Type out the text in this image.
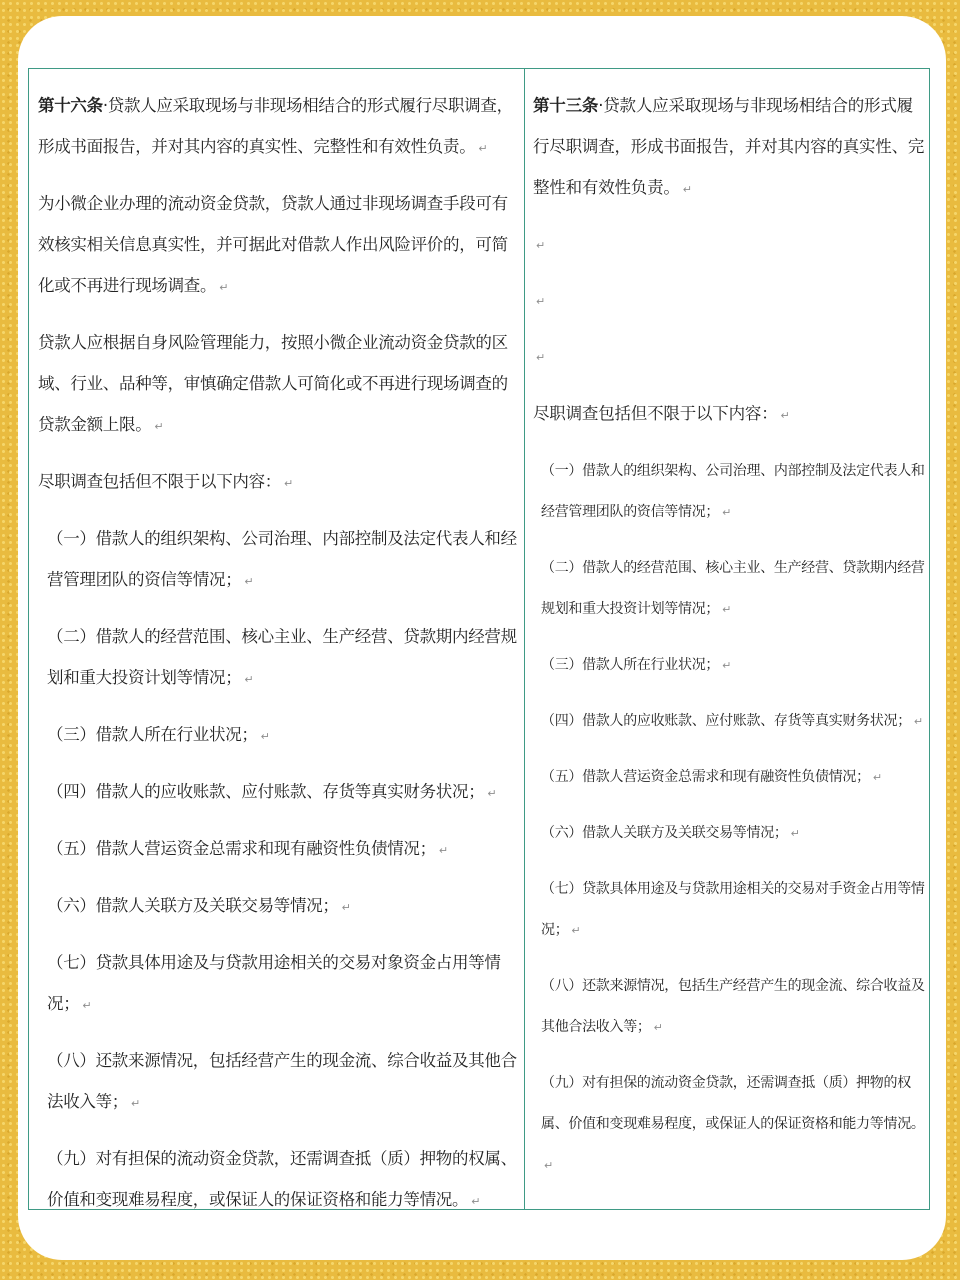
第十六条·贷款人应采取现场与非现场相结合的形式履行尽职调查，形成书面报告，并对其内容的真实性、完整性和有效性负责。 ↵

为小微企业办理的流动资金贷款，贷款人通过非现场调查手段可有效核实相关信息真实性，并可据此对借款人作出风险评价的，可简化或不再进行现场调查。 ↵

贷款人应根据自身风险管理能力，按照小微企业流动资金贷款的区域、行业、品种等，审慎确定借款人可简化或不再进行现场调查的贷款金额上限。 ↵

尽职调查包括但不限于以下内容： ↵

（一）借款人的组织架构、公司治理、内部控制及法定代表人和经营管理团队的资信等情况； ↵

（二）借款人的经营范围、核心主业、生产经营、贷款期内经营规划和重大投资计划等情况； ↵

（三）借款人所在行业状况； ↵

（四）借款人的应收账款、应付账款、存货等真实财务状况； ↵

（五）借款人营运资金总需求和现有融资性负债情况； ↵

（六）借款人关联方及关联交易等情况； ↵

（七）贷款具体用途及与贷款用途相关的交易对象资金占用等情况； ↵

（八）还款来源情况，包括经营产生的现金流、综合收益及其他合法收入等； ↵

（九）对有担保的流动资金贷款，还需调查抵（质）押物的权属、价值和变现难易程度，或保证人的保证资格和能力等情况。 ↵

第十三条·贷款人应采取现场与非现场相结合的形式履行尽职调查，形成书面报告，并对其内容的真实性、完整性和有效性负责。 ↵

↵

↵

↵

尽职调查包括但不限于以下内容： ↵

（一）借款人的组织架构、公司治理、内部控制及法定代表人和经营管理团队的资信等情况； ↵

（二）借款人的经营范围、核心主业、生产经营、贷款期内经营规划和重大投资计划等情况； ↵

（三）借款人所在行业状况； ↵

（四）借款人的应收账款、应付账款、存货等真实财务状况； ↵

（五）借款人营运资金总需求和现有融资性负债情况； ↵

（六）借款人关联方及关联交易等情况； ↵

（七）贷款具体用途及与贷款用途相关的交易对手资金占用等情况； ↵

（八）还款来源情况，包括生产经营产生的现金流、综合收益及其他合法收入等； ↵

（九）对有担保的流动资金贷款，还需调查抵（质）押物的权属、价值和变现难易程度，或保证人的保证资格和能力等情况。↵
